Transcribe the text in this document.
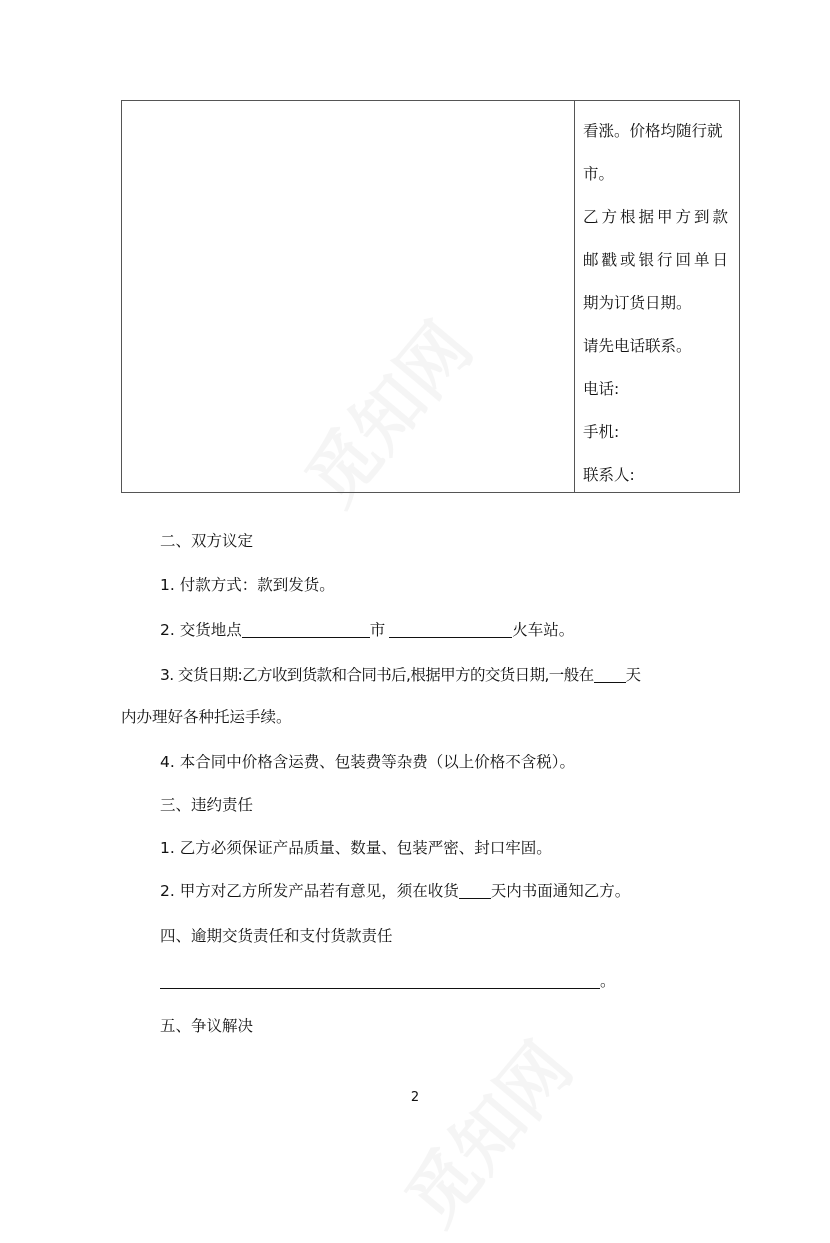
看涨。价格均随行就
市。
乙方根据甲方到款
邮戳或银行回单日
期为订货日期。
请先电话联系。
电话:
手机:
联系人:
二、双方议定
1. 付款方式：款到发货。
2. 交货地点	市	火车站。
3. 交货日期:乙方收到货款和合同书后,根据甲方的交货日期,一般在 天
内办理好各种托运手续。
4. 本合同中价格含运费、包装费等杂费（以上价格不含税）。
三、违约责任
1. 乙方必须保证产品质量、数量、包装严密、封口牢固。
2. 甲方对乙方所发产品若有意见，须在收货 天内书面通知乙方。
四、逾期交货责任和支付货款责任
。
五、争议解决
2
